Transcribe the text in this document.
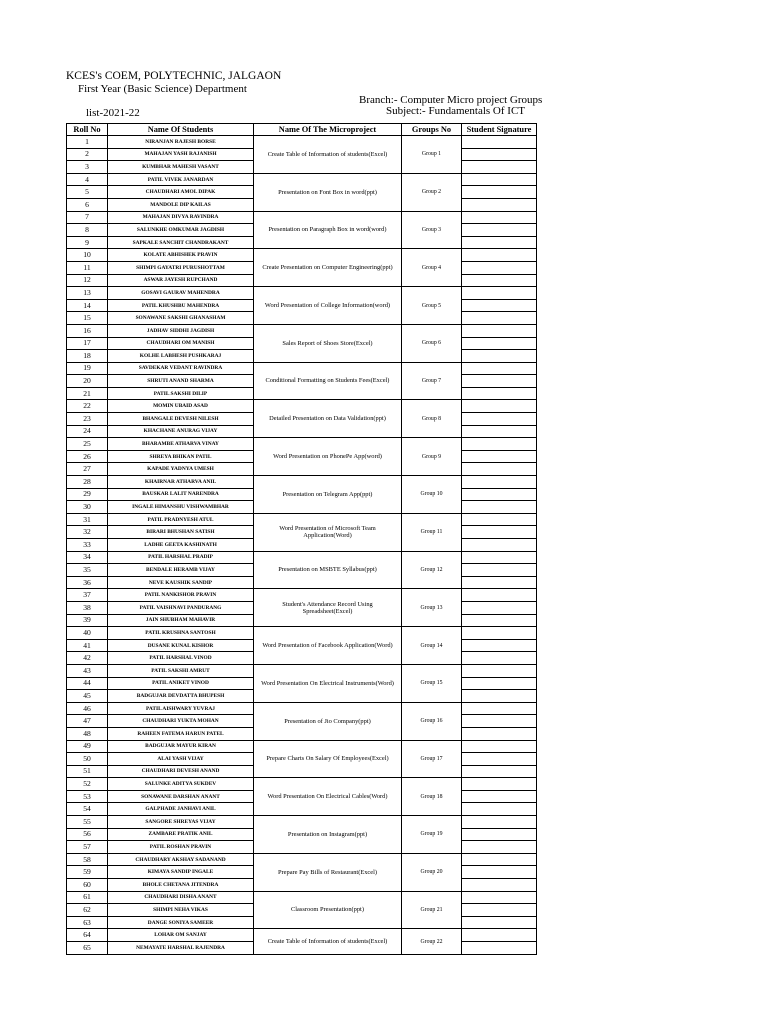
KCES's COEM, POLYTECHNIC, JALGAON
First Year (Basic Science) Department
Branch:- Computer Micro project Groups
Subject:- Fundamentals Of ICT
list-2021-22
Roll No	Name Of Students	Name Of The Microproject	Groups No	Student Signature
1	NIRANJAN RAJESH BORSE	Create Table of Information of students(Excel)	Group 1	
2	MAHAJAN YASH RAJANISH			
3	KUMBHAR MAHESH VASANT			
4	PATIL VIVEK JANARDAN	Presentation on Font Box in word(ppt)	Group 2	
5	CHAUDHARI AMOL DIPAK			
6	MANDOLE DIP KAILAS			
7	MAHAJAN DIVYA RAVINDRA	Presentation on Paragraph Box in word(word)	Group 3	
8	SALUNKHE OMKUMAR JAGDISH			
9	SAPKALE SANCHIT CHANDRAKANT			
10	KOLATE ABHISHEK PRAVIN	Create Presentation on Computer Engineering(ppt)	Group 4	
11	SHIMPI GAYATRI PURUSHOTTAM			
12	ASWAR JAYESH RUPCHAND			
13	GOSAVI GAURAV MAHENDRA	Word Presentation of College Information(word)	Group 5	
14	PATIL KHUSHBU MAHENDRA			
15	SONAWANE SAKSHI GHANASHAM			
16	JADHAV SIDDHI JAGDISH	Sales Report of Shoes Store(Excel)	Group 6	
17	CHAUDHARI OM MANISH			
18	KOLHE LABHESH PUSHKARAJ			
19	SAVDEKAR VEDANT RAVINDRA	Conditional Formatting on Students Fees(Excel)	Group 7	
20	SHRUTI ANAND SHARMA			
21	PATIL SAKSHI DILIP			
22	MOMIN UBAID ASAD	Detailed Presentation on Data Validation(ppt)	Group 8	
23	BHANGALE DEVESH NILESH			
24	KHACHANE ANURAG VIJAY			
25	BHARAMBE ATHARVA VINAY	Word Presentation on PhonePe App(word)	Group 9	
26	SHREYA BHIKAN PATIL			
27	KAPADE YADNYA UMESH			
28	KHAIRNAR ATHARVA ANIL	Presentation on Telegram App(ppt)	Group 10	
29	BAUSKAR LALIT NARENDRA			
30	INGALE HIMANSHU VISHWAMBHAR			
31	PATIL PRADNYESH ATUL	Word Presentation of Microsoft Team Application(Word)	Group 11	
32	BIRARI BHUSHAN SATISH			
33	LADHE GEETA KASHINATH			
34	PATIL HARSHAL PRADIP	Presentation on MSBTE Syllabus(ppt)	Group 12	
35	BENDALE HERAMB VIJAY			
36	NEVE KAUSHIK SANDIP			
37	PATIL NANKISHOR PRAVIN	Student's Attendance Record Using Spreadsheet(Excel)	Group 13	
38	PATIL VAISHNAVI PANDURANG			
39	JAIN SHUBHAM MAHAVIR			
40	PATIL KRUSHNA SANTOSH	Word Presentation of Facebook Application(Word)	Group 14	
41	DUSANE KUNAL KISHOR			
42	PATIL HARSHAL VINOD			
43	PATIL SAKSHI AMRUT	Word Presentation On Electrical Instruments(Word)	Group 15	
44	PATIL ANIKET VINOD			
45	BADGUJAR DEVDATTA BHUPESH			
46	PATIL AISHWARY YUVRAJ	Presentation of Jio Company(ppt)	Group 16	
47	CHAUDHARI YUKTA MOHAN			
48	RAHEEN FATEMA HARUN PATEL			
49	BADGUJAR MAYUR KIRAN	Prepare Charts On Salary Of Employees(Excel)	Group 17	
50	ALAI YASH VIJAY			
51	CHAUDHARI DEVESH ANAND			
52	SALUNKE ADITYA SUKDEV	Word Presentation On Electrical Cables(Word)	Group 18	
53	SONAWANE DARSHAN ANANT			
54	GALPHADE JANHAVI ANIL			
55	SANGORE SHREYAS VIJAY	Presentation on Instagram(ppt)	Group 19	
56	ZAMBARE PRATIK ANIL			
57	PATIL ROSHAN PRAVIN			
58	CHAUDHARY AKSHAY SADANAND	Prepare Pay Bills of Restaurant(Excel)	Group 20	
59	KIMAYA SANDIP INGALE			
60	BHOLE CHETANA JITENDRA			
61	CHAUDHARI DISHA ANANT	Classroom Presentation(ppt)	Group 21	
62	SHIMPI NEHA VIKAS			
63	DANGE SONIYA SAMEER			
64	LOHAR OM SANJAY	Create Table of Information of students(Excel)	Group 22	
65	NEMAYATE HARSHAL RAJENDRA			
